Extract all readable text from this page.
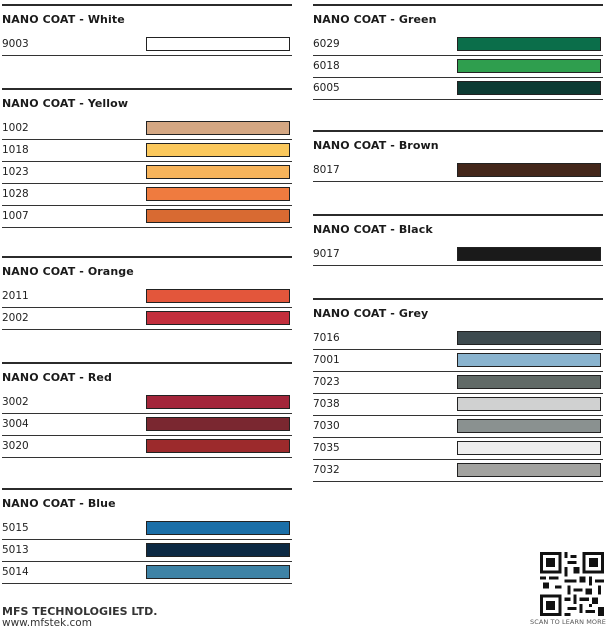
NANO COAT - White
9003
NANO COAT - Yellow
1002
1018
1023
1028
1007
NANO COAT - Orange
2011
2002
NANO COAT - Red
3002
3004
3020
NANO COAT - Blue
5015
5013
5014
NANO COAT - Green
6029
6018
6005
NANO COAT - Brown
8017
NANO COAT - Black
9017
NANO COAT - Grey
7016
7001
7023
7038
7030
7035
7032
MFS TECHNOLOGIES LTD.
www.mfstek.com	SCAN TO LEARN MORE
